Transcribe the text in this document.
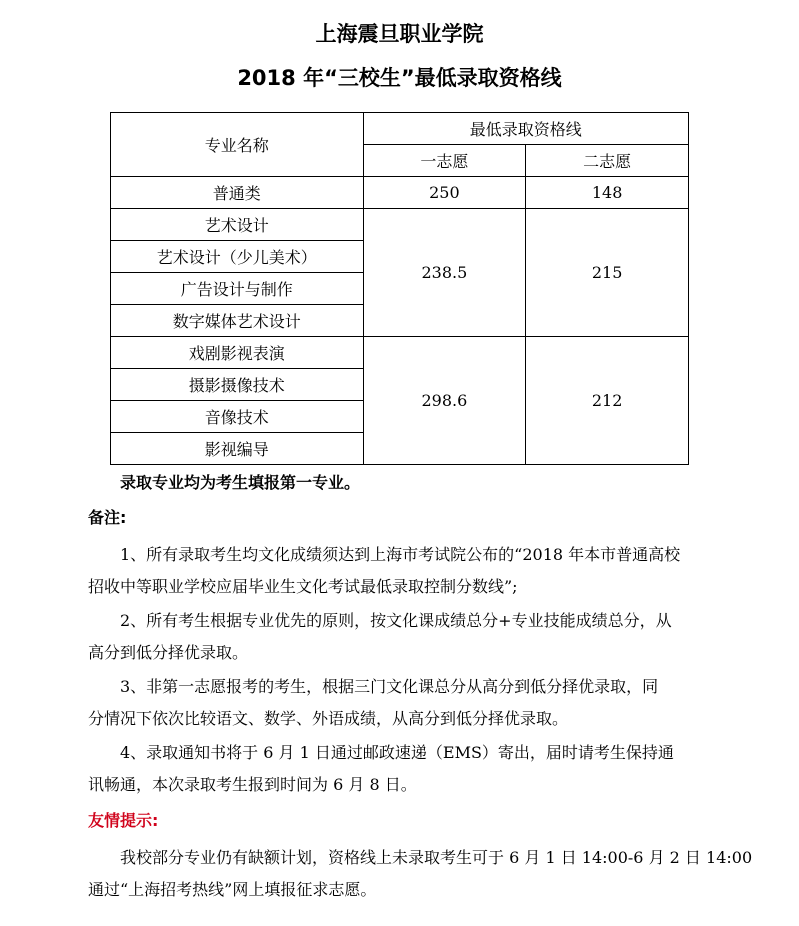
上海震旦职业学院
2018 年“三校生”最低录取资格线
专业名称	最低录取资格线	
	一志愿	二志愿
普通类	250	148
艺术设计	238.5	215
艺术设计（少儿美术）		
广告设计与制作		
数字媒体艺术设计		
戏剧影视表演	298.6	212
摄影摄像技术		
音像技术		
影视编导		
录取专业均为考生填报第一专业。
备注:
1、所有录取考生均文化成绩须达到上海市考试院公布的“2018 年本市普通高校
招收中等职业学校应届毕业生文化考试最低录取控制分数线”;
2、所有考生根据专业优先的原则，按文化课成绩总分+专业技能成绩总分，从
高分到低分择优录取。
3、非第一志愿报考的考生，根据三门文化课总分从高分到低分择优录取，同
分情况下依次比较语文、数学、外语成绩，从高分到低分择优录取。
4、录取通知书将于 6 月 1 日通过邮政速递（EMS）寄出，届时请考生保持通
讯畅通，本次录取考生报到时间为 6 月 8 日。
友情提示:
我校部分专业仍有缺额计划，资格线上未录取考生可于 6 月 1 日 14:00-6 月 2 日 14:00
通过“上海招考热线”网上填报征求志愿。
